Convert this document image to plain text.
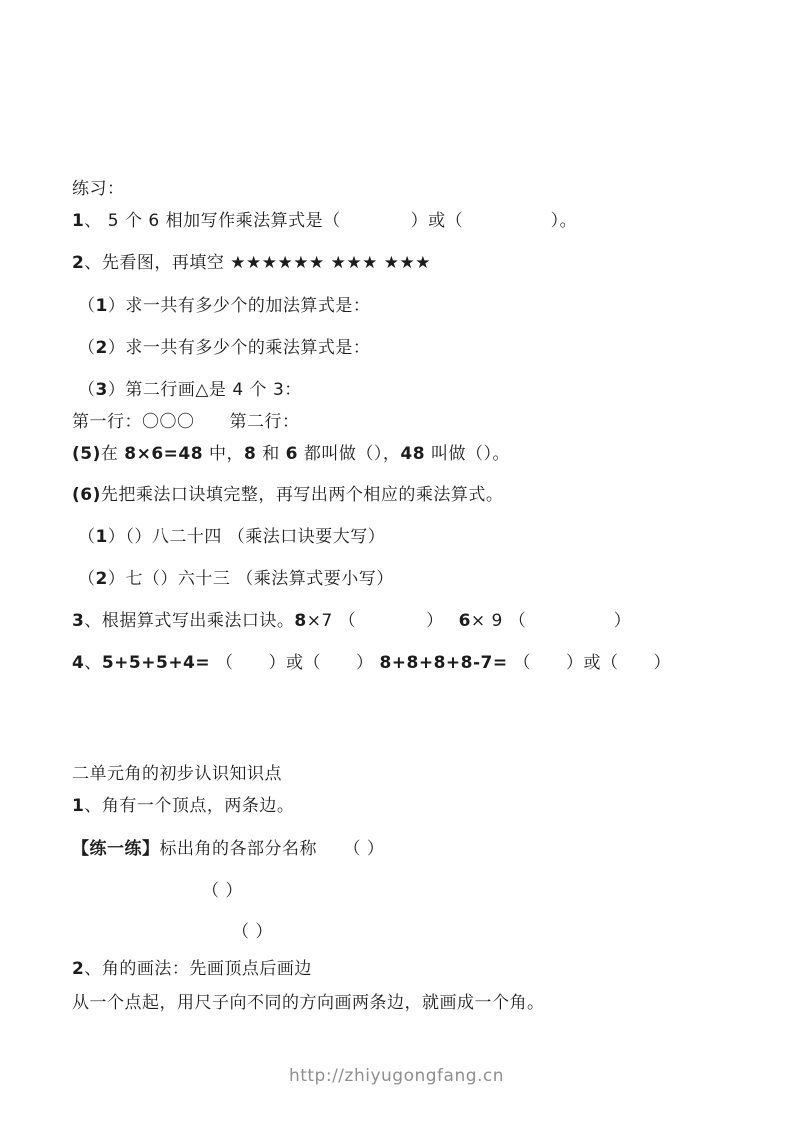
练习：
1、 5 个 6 相加写作乘法算式是（　　　　）或（　　　　　）。
2、先看图，再填空 ★★★★★★ ★★★ ★★★
（1）求一共有多少个的加法算式是：
（2）求一共有多少个的乘法算式是：
（3）第二行画△是 4 个 3：
第一行：〇〇〇　　第二行：
(5)在 8×6=48 中，8 和 6 都叫做（），48 叫做（）。
(6)先把乘法口诀填完整，再写出两个相应的乘法算式。
（1）（）八二十四 （乘法口诀要大写）
（2）七（）六十三 （乘法算式要小写）
3、根据算式写出乘法口诀。8×7 （　　　　）　 6× 9 （　　　　　）
4、5+5+5+4= （　　）或（　　） 8+8+8+8-7= （　　）或（　　）
二单元角的初步认识知识点
1、角有一个顶点，两条边。
【练一练】标出角的各部分名称　　（ ）
（ ）
（ ）
2、角的画法：先画顶点后画边
从一个点起，用尺子向不同的方向画两条边，就画成一个角。
http://zhiyugongfang.cn
